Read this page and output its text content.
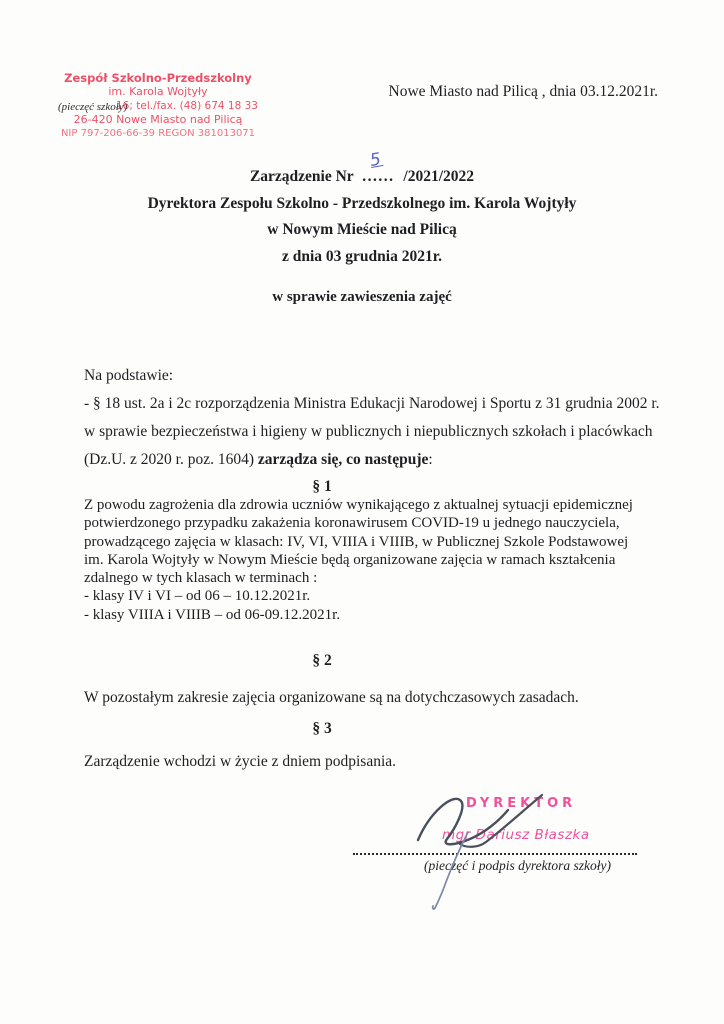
Zespół Szkolno-Przedszkolny
im. Karola Wojtyły
(pieczęć szkoły)
16; tel./fax. (48) 674 18 33
26-420 Nowe Miasto nad Pilicą
NIP 797-206-66-39 REGON 381013071
Nowe Miasto nad Pilicą , dnia 03.12.2021r.
Zarządzenie Nr ......
5
/2021/2022
Dyrektora Zespołu Szkolno - Przedszkolnego im. Karola Wojtyły
w Nowym Mieście nad Pilicą
z dnia 03 grudnia 2021r.
w sprawie zawieszenia zajęć
Na podstawie:
- § 18 ust. 2a i 2c rozporządzenia Ministra Edukacji Narodowej i Sportu z 31 grudnia 2002 r.
w sprawie bezpieczeństwa i higieny w publicznych i niepublicznych szkołach i placówkach
(Dz.U. z 2020 r. poz. 1604) zarządza się, co następuje:
§ 1
Z powodu zagrożenia dla zdrowia uczniów wynikającego z aktualnej sytuacji epidemicznej
potwierdzonego przypadku zakażenia koronawirusem COVID-19 u jednego nauczyciela,
prowadzącego zajęcia w klasach: IV, VI, VIIIA i VIIIB, w Publicznej Szkole Podstawowej
im. Karola Wojtyły w Nowym Mieście będą organizowane zajęcia w ramach kształcenia
zdalnego w tych klasach w terminach :
- klasy IV i VI – od 06 – 10.12.2021r.
- klasy VIIIA i VIIIB – od 06-09.12.2021r.
§ 2
W pozostałym zakresie zajęcia organizowane są na dotychczasowych zasadach.
§ 3
Zarządzenie wchodzi w życie z dniem podpisania.
DYREKTOR
mgr Dariusz Błaszka
(pieczęć i podpis dyrektora szkoły)
